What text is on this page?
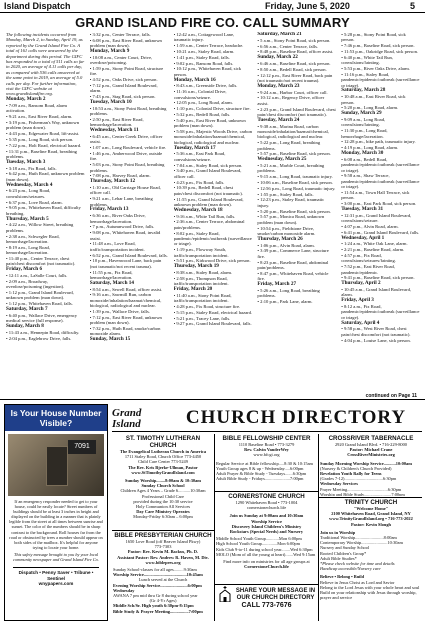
Island Dispatch	Friday, June 5, 2020	5
GRAND ISLAND FIRE CO. CALL SUMMARY

The following incidents occurred from Monday, March 2, to Sunday, April 19, as reported by the Grand Island Fire Co. A total of 161 calls were answered by the department during this period. The GIFC has responded to a total of 511 calls so far in 2020, an average of 4.11 calls per day, as compared with 536 calls answered at the same point in 2019, an average of 5.0 calls per day. For further information, visit the GIFC website at www.grandislandfire.org.

Monday, March 2

• 7:09 a.m., Ransom Road, alarm activation.

• 9:21 a.m., East River Road, alarm.

• 3:19 p.m., Fisherman's Way, unknown problem (man down).

• 4:43 p.m., Edgewater Road, lift-assist.

• 5:35 p.m., Long Road, sick person.

• 7:22 p.m., Holt Road, electrical hazard.

• 11:31 p.m., Baseline Road, breathing problems.

Tuesday, March 3

• 3:18 a.m., Fix Road, falls.

• 6:42 p.m., Huth Road, unknown problem (man down).

Wednesday, March 4

• 6:23 p.m., Long Road, convulsions/seizures.

• 6:37 p.m., Love Road, alarm.

• 9:05 p.m., Whitehaven Road, difficulty breathing.

Thursday, March 5

• 4:22 a.m., Willow Street, breathing problems.

• 2:38 a.m., Schwegler Road, hemorrhage/laceration.

• 8:19 a.m., Long Road, hemorrhage/laceration.

• 11:40 p.m., Center Terrace, chest pain/chest discomfort (not traumatic).

Friday, March 6

• 12:11 a.m., LaSalle Court, falls.

• 2:09 a.m., Broadway, overdose/poisoning (ingestion).

• 1:12 p.m., Grand Island Boulevard, unknown problem (man down).

• 1:12 p.m., Whitehaven Road, falls.

Saturday, March 7

• 6:40 p.m., Wallace Drive, emergency medical service (full response).

Sunday, March 8

• 11:43 a.m., Hennepin Road, difficulty.

• 2:04 p.m., Eaglebrow Drive, falls.

• 3:32 p.m., Center Terrace, falls.

• 6:08 p.m., East River Road, unknown problem (man down).

Monday, March 9

• 10:08 a.m., Center Court, Drive, overdose/poisoning.

• 1:59 p.m., Stony Point Road, structure fire.

• 4:52 p.m., Oaks Drive, sick person.

• 7:12 p.m., Grand Island Boulevard, alarm.

• 7:43 p.m., Stag Road, sick person.

Tuesday, March 10

• 10:53 a.m., Stony Point Road, breathing problems.

• 2:50 p.m., East River Road, hemorrhage/laceration.

Wednesday, March 11

• 6:45 a.m., Center Creek Drive, officer assist.

• 1:07 a.m., Long Boulevard, vehicle fire.

• 1:46 p.m., Amberwood Drive, outside fire.

• 5:03 p.m., Stony Point Road, breathing problems.

• 7:08 p.m., Harvey Road, alarm.

Thursday, March 12

• 1:10 a.m., Old Carriage House Road, officer call.

• 9:21 a.m., Lehar Lane, breathing problems.

Friday, March 13

• 6:36 a.m., River Oaks Drive, hemorrhage/laceration.

• 7 p.m., Autumnwood Drive, falls.

• 9:08 p.m., Whitehaven Road, invalid assist.

• 11:48 a.m., Love Road, traffic/transportation incident.

• 6:52 p.m., Grand Island Boulevard, falls.

• 10 p.m., Havenwood Lane, back pain (not traumatic/not recent trauma).

• 11:55 p.m., Fix Road, hemorrhage/laceration.

Saturday, March 14

• 8:54 a.m., Sewell Road, officer assist.

• 9:16 a.m., Sawmill Run, carbon monoxide/inhalation/hazmat/chemical, biological, radiological and nuclear.

• 1:39 p.m., Wallace Drive, falls.

• 7:12 p.m., East River Road, unknown problem (man down).

• 7:32 p.m., Huth Road, smoke/carbon monoxide alarm.

Sunday, March 15

• 12:42 a.m., Cottagewood Lane, traumatic injury.

• 1:59 a.m., Center Terrace, headache.

• 10:21 a.m., Staley Road, alarm.

• 1:41 p.m., Staley Road, falls.

• 9:02 p.m., Ransom Road, falls.

• 10:12 p.m., Whitehaven Road, sick person.

Monday, March 16

• 8:43 a.m., Greenside Drive, falls.

• 11:16 a.m., Colonial Drive, convulsions/seizure.

• 12:05 p.m., Long Road, alarm.

• 1:10 p.m., Colonial Drive, structure fire.

• 5:32 p.m., Bedell Road, falls.

• 5:40 p.m., East River Road, unknown problem (man down).

• 5:58 p.m., Majestic Woods Drive, carbon monoxide/inhalation/hazmat/chemical, biological, radiological and nuclear.

Tuesday, March 17

• 5:36 a.m., East Park Road, convulsions/seizure.

• 7:04 a.m., Staley Road, sick person.

• 3:40 p.m., Grand Island Boulevard, officer call.

• 4:23 p.m., Fix Road, falls.

• 10:39 p.m., Bedell Road, chest pain/chest discomfort (not traumatic).

• 11:55 p.m., Grand Island Boulevard, unknown problem (man down).

Wednesday, March 18

• 9:16 a.m., White Tail Run, falls.

• 2:36 a.m., Center Terrace, abdominal pain/problems.

• 8:02 p.m., Staley Road, pandemic/epidemic/outbreak (surveillance or triage).

• 1:19 p.m., Flowway South, traffic/transportation incident.

• 5:51 p.m., Kirkwood Drive, sick person.

Thursday, March 19

• 8:38 a.m., Staley Road, alarm.

• 2:58 p.m., Thompson Road, traffic/transportation incident.

Friday, March 20

• 11:40 a.m., Stony Point Road, traffic/transportation incident.

• 4:28 p.m., Fix Road, structure fire.

• 5:15 p.m., Staley Road, electrical hazard.

• 5:21 p.m., Tracey Lane, falls.

• 9:27 p.m., Grand Island Boulevard, falls.

Saturday, March 21

• 5 a.m., Stony Point Road, sick person.

• 6:56 a.m., Center Terrace, falls.

• 8:48 p.m., Baseline Road, officer assist.

Sunday, March 22

• 6:46 a.m., Baseline Road, sick person.

• 8:50 a.m., Bedell Road, sick person.

• 12:12 p.m., East River Road, back pain (not traumatic/not recent trauma).

Monday, March 23

• 9:24 a.m., Harbor Court, officer call.

• 10:12 a.m., Regency Drive, officer assist.

• 2:23 p.m., Grand Island Boulevard, chest pain/chest discomfort (not traumatic).

Tuesday, March 24

• 9:38 a.m., Marina Road, carbon monoxide/inhalation/hazmat/chemical, biological, radiological and nuclear.

• 5:22 p.m., Long Road, breathing problems.

• 5:57 p.m., Baseline Road, sick person.

Wednesday, March 25

• 5:21 a.m., Marble Court, breathing problems.

• 9:15 a.m., Long Road, traumatic injury.

• 10:06 a.m., Baseline Road, sick person.

• 12:56 p.m., Long Road, traumatic injury.

• 1:55 p.m., Staley Road, falls.

• 12:23 p.m., Staley Road, traumatic injury.

• 5:20 p.m., Baseline Road, sick person.

• 5:57 p.m., Monica Road, unknown problem (man down).

• 10:54 p.m., Fieldstone Drive, smoke/carbon monoxide alarm.

Thursday, March 26

• 1:06 p.m., Alvin Road, alarm.

• 3:39 p.m., Commerce Lane, structure fire.

• 8:23 p.m., Baseline Road, abdominal pain/problems.

• 8:47 p.m., Whitehaven Road, vehicle fire.

Friday, March 27

• 5:26 a.m., Long Road, breathing problems.

• 2:10 p.m., Park Lane, alarm.

• 5:28 p.m., Stony Point Road, sick person.

• 7:46 p.m., Baseline Road, sick person.

• 11:53 p.m., Oakridge Road, sick person.

• 6:40 p.m., White Tail Run, convulsions/fainting.

• 5:53 p.m., River Oaks Drive, alarm.

• 11:16 p.m., Staley Road, pandemic/epidemic/outbreak (surveillance or triage).

Saturday, March 28

• 10:48 a.m., East River Road, sick person.

• 5:20 p.m., Long Road, alarm.

Sunday, March 29

• 9:09 a.m., Long Road, convulsions/fainting.

• 11:30 p.m., Long Road, hemorrhage/laceration.

• 12:28 p.m., bike path, traumatic injury.

• 4:19 p.m., Long Road, alarm.

Monday, March 30

• 6:08 a.m., Bedell Road, pandemic/epidemic/outbreak (surveillance or triage).

• 9:58 a.m., Shaw Terrace, pandemic/epidemic/outbreak (surveillance or triage).

• 11:54 a.m., Town Hall Terrace, sick person.

• 3:00 p.m., East Park Road, sick person.

Tuesday, March 31

• 12:31 p.m., Grand Island Boulevard, convulsions/seizure.

• 4:07 p.m., Alvin Road, alarm.

• 6:41 p.m., Grand Island Boulevard, falls.

Wednesday, April 1

• 1:24 a.m., White Oak Lane, alarm.

• 2:21 p.m., Baseline Road, alarm.

• 4:57 p.m., Fix Road, convulsions/seizures/fainting.

• 7:52 p.m., East River Road, pandemic/epidemic.

• 9:41 p.m., Baseline Road, sick person.

Thursday, April 2

• 10:45 a.m., Grand Island Boulevard, alarm.

Friday, April 3

• 8:12 a.m., Fix Road, pandemic/epidemic/outbreak (surveillance or triage).

Saturday, April 4

• 9:58 p.m., West River Road, chest pain/chest discomfort (not traumatic).

• 4:04 p.m., Louise Lane, sick person.

continued on Page 11
Is Your House Number Visible?
7091
If an emergency responder needed to get to your house, could he easily locate? Street numbers of buildings should be at least 3 inches in height and displayed on the building in a manner that is plainly legible from the street at all times between sunrise and sunset. The color of the numbers should be in sharp contrast to the background. Roll houses far from the road or obstructed by trees a number should appear on both sides of the mailbox. It's helpful for anyone trying to locate your home.
This safety message brought to you by your local community newspaper and Grand Island Fire Co.
Dispatch • Penny Saver • Tribune • Sentinel
wnypapers.com
Grand Island	CHURCH DIRECTORY
ST. TIMOTHY LUTHERAN CHURCH
The Evangelical Lutheran Church in America
1711 Staley Road, Church Office 773-4450
Child Care Center 773-5249
The Rev. Kris Bjerke-Ullman, Pastor
www.StTimothyGrandIsland.com
Sunday Worship........8:00am & 10:30am
Sunday Church School
Children Ages 4 Years – Grade 6...........10:30am
Professional Child Care
provided during the 10:30 service
Holy Communion All Services
Day Care Ministry Operates
Monday-Friday 6:30am – 6:00pm
BIBLE PRESBYTERIAN CHURCH
1650 Love Road (off Beaver Island Pkwy)
773-7303
Pastor: Rev. Kevin M. Backus, Ph. D.
Assistant Pastor: Rev. Andrew R. Haven, M. Div.
www.biblepres.org
Sunday School-classes for all ages.........9:30am
Worship Service.......................................10:45am
Lunch served at the Church
Evening Worship Service.........................6:00pm
Wednesday
AWANA 7 pm mid thru Gr 8 during school year
(Gr 4-Yr Ages)
Middle Sch/Sr. High youth 6:30pm-8:15pm
Bible Study & Prayer Meeting.................7:00pm
BIBLE FELLOWSHIP CENTER
1110 Baseline Road • 773-3279
Rev. Calvin VanderWey
www.bfcgi.org
Regular Service at Bible fellowship.....8:30 & 10:15am
Youth Group ages 8 & up - Wednesday.....6:00pm
Adult Prayer & Bible Study - Tuesdays.......6:30pm
Adult Bible Study - Fridays.......................7:00pm
CORNERSTONE CHURCH
1290 Whitehaven Road • 773-1004
cornerstonechurch.life
Join us Sunday at 9:00am and 10:30am
Worship Service
Discovery Island Children's Ministry
Rockstars (Special Needs) and Nursery
Middle School Youth Group............Mon 6:00pm
High School Youth Group..............Mon 6:00pm
Kids Club 9-to-11 during school year........Wed 6:30pm
MOLO (Mom of all the young at heart).......Wed 9:15am
Find more info on ministries for all age groups at
CornerstoneChurch.life
SHARE YOUR MESSAGE IN
OUR CHURCH DIRECTORY
CALL 773-7676
CROSSRIVER TABERNACLE
2920 Grand Island Blvd. • 716-229-8000
Pastor: Michael Crane
CrossRiverMinistries.org
Sunday Morning Worship Service...........10:00am
(Nursery & Children's Church Provided)
Revelation Youth Rally for Teens
(Grades 7-12)...................................6:30pm
Wednesday Services
Prayer Meeting.....................................6:30pm
Worship and Bible Study.........................7:00pm
TRINITY CHURCH
"Welcome Home"
2100 Whitehaven Road, Grand Island, NY
www.TrinityGrandIsland.org • 716-773-2022
Pastor: Kevin Slough
Join us in Worship
Traditional Worship..........................8:00am
Contemporary Worship........................10:30am
Nursery and Sunday School
Rooted Children's Group*
Adult Bible Studies*
*Please check website for time and details
Handicap accessible/Nursery care
Believe • Belong • Build
Believe in Jesus Christ as Lord and Savior
Belong to the Lord Jesus with your whole heart and soul
Build on your relationship with Jesus through worship, prayer and service
